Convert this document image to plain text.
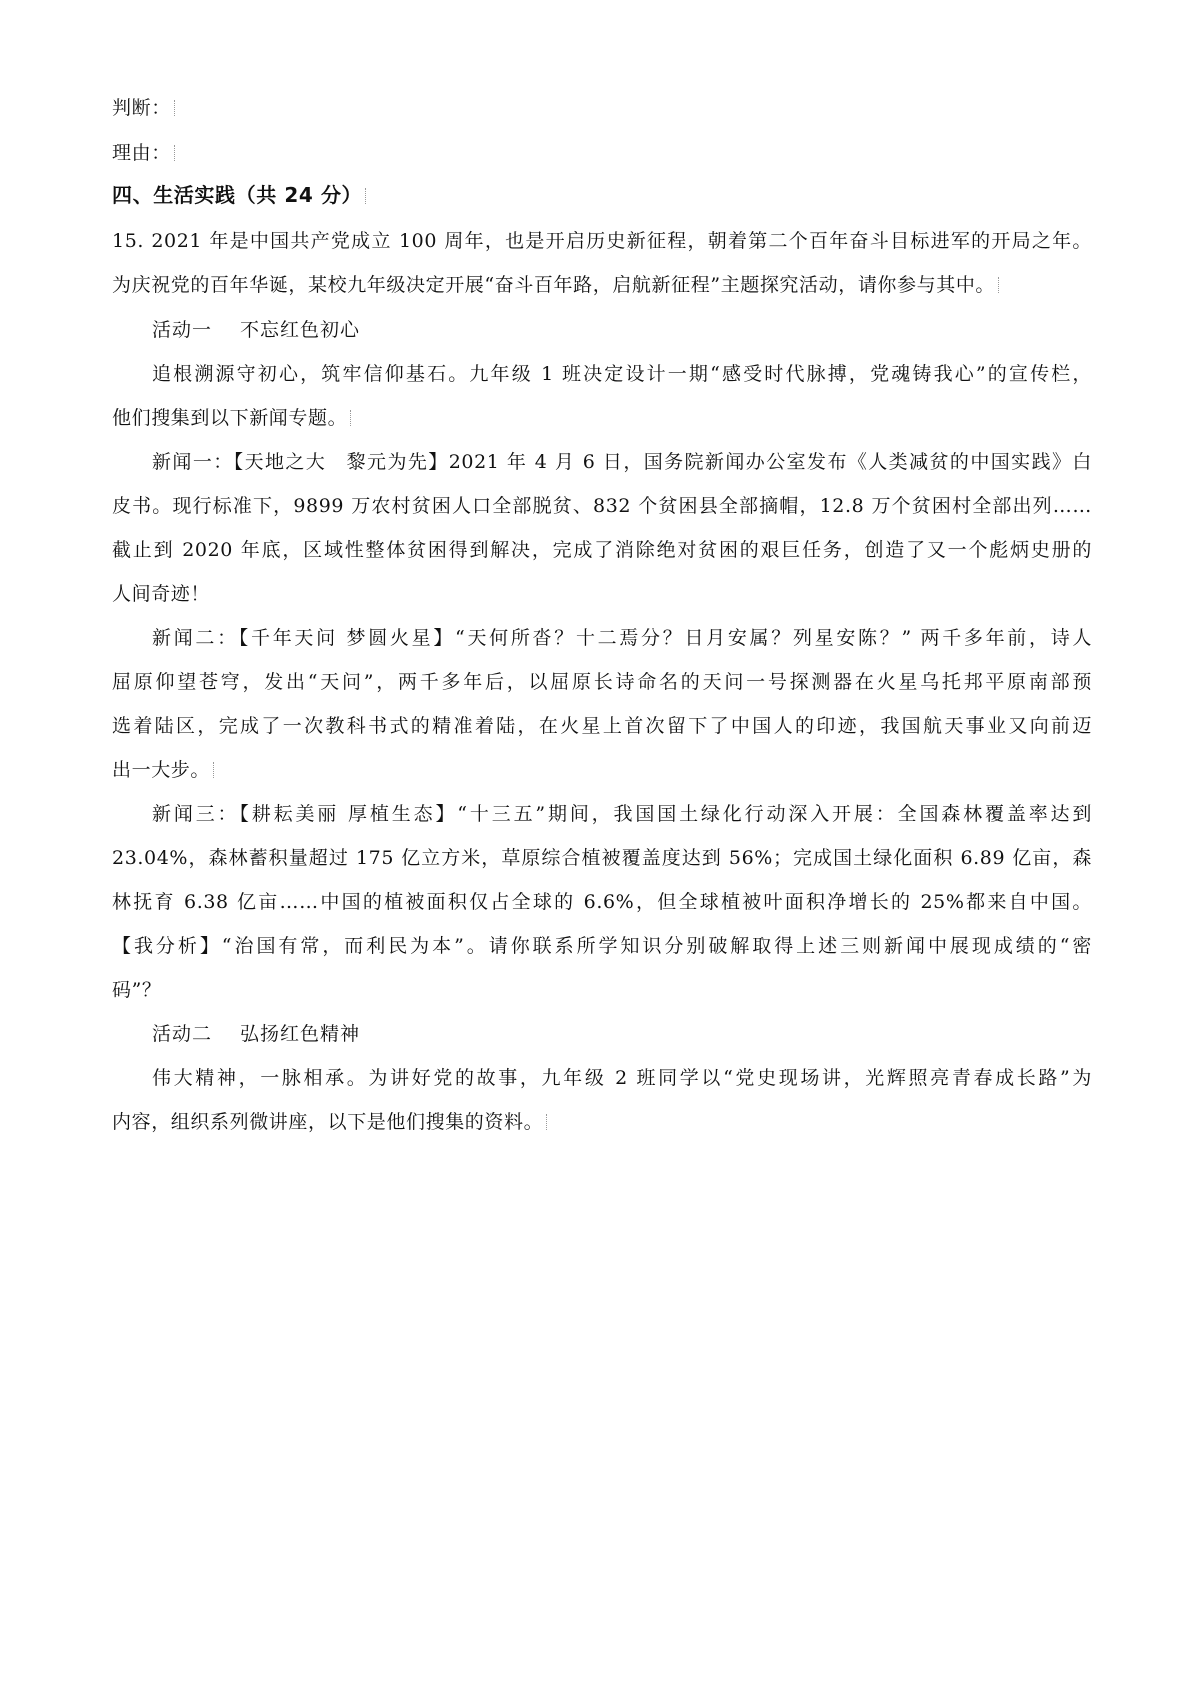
判断：
理由：
四、生活实践（共 24 分）
15. 2021 年是中国共产党成立 100 周年，也是开启历史新征程，朝着第二个百年奋斗目标进军的开局之年。
为庆祝党的百年华诞，某校九年级决定开展“奋斗百年路，启航新征程”主题探究活动，请你参与其中。
活动一 不忘红色初心
追根溯源守初心，筑牢信仰基石。九年级 1 班决定设计一期“感受时代脉搏，党魂铸我心”的宣传栏，
他们搜集到以下新闻专题。
新闻一：【天地之大　黎元为先】2021 年 4 月 6 日，国务院新闻办公室发布《人类减贫的中国实践》白
皮书。现行标准下，9899 万农村贫困人口全部脱贫、832 个贫困县全部摘帽，12.8 万个贫困村全部出列……
截止到 2020 年底，区域性整体贫困得到解决，完成了消除绝对贫困的艰巨任务，创造了又一个彪炳史册的
人间奇迹！
新闻二：【千年天问 梦圆火星】“天何所沓？十二焉分？日月安属？列星安陈？” 两千多年前，诗人
屈原仰望苍穹，发出“天问”，两千多年后，以屈原长诗命名的天问一号探测器在火星乌托邦平原南部预
选着陆区，完成了一次教科书式的精准着陆，在火星上首次留下了中国人的印迹，我国航天事业又向前迈
出一大步。
新闻三：【耕耘美丽 厚植生态】“十三五”期间，我国国土绿化行动深入开展：全国森林覆盖率达到
23.04%，森林蓄积量超过 175 亿立方米，草原综合植被覆盖度达到 56%；完成国土绿化面积 6.89 亿亩，森
林抚育 6.38 亿亩……中国的植被面积仅占全球的 6.6%，但全球植被叶面积净增长的 25%都来自中国。
【我分析】“治国有常，而利民为本”。请你联系所学知识分别破解取得上述三则新闻中展现成绩的“密
码”？
活动二 弘扬红色精神
伟大精神，一脉相承。为讲好党的故事，九年级 2 班同学以“党史现场讲，光辉照亮青春成长路”为
内容，组织系列微讲座，以下是他们搜集的资料。
